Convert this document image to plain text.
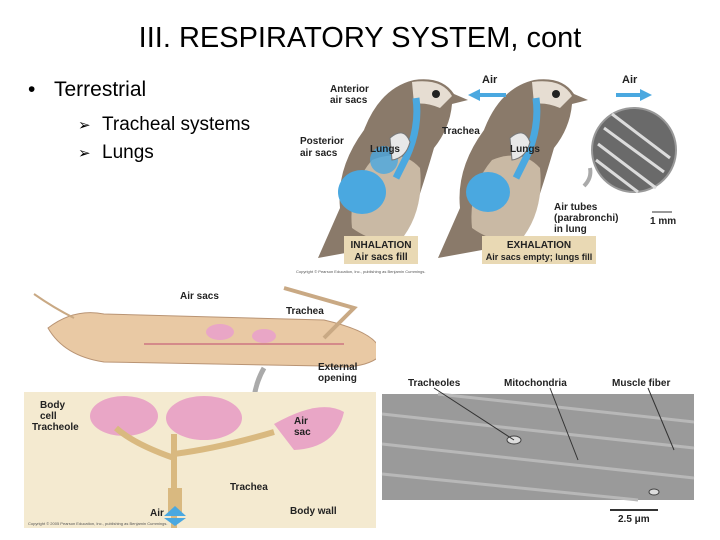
III. RESPIRATORY SYSTEM, cont
• Terrestrial
➢ Tracheal systems
➢ Lungs
Anterior
air sacs
Posterior
air sacs	Lungs	Lungs
Trachea
Air	Air
Air tubes
(parabronchi)
in lung
1 mm
INHALATION
Air sacs fill
EXHALATION
Air sacs empty; lungs fill
Copyright © Pearson Education, Inc., publishing as Benjamin Cummings.
Air sacs
Trachea
External
opening
Body
cell
Tracheole
Air
sac
Trachea
Air	Body wall
Copyright © 2005 Pearson Education, Inc., publishing as Benjamin Cummings.
Tracheoles	Mitochondria	Muscle fiber
2.5 μm
